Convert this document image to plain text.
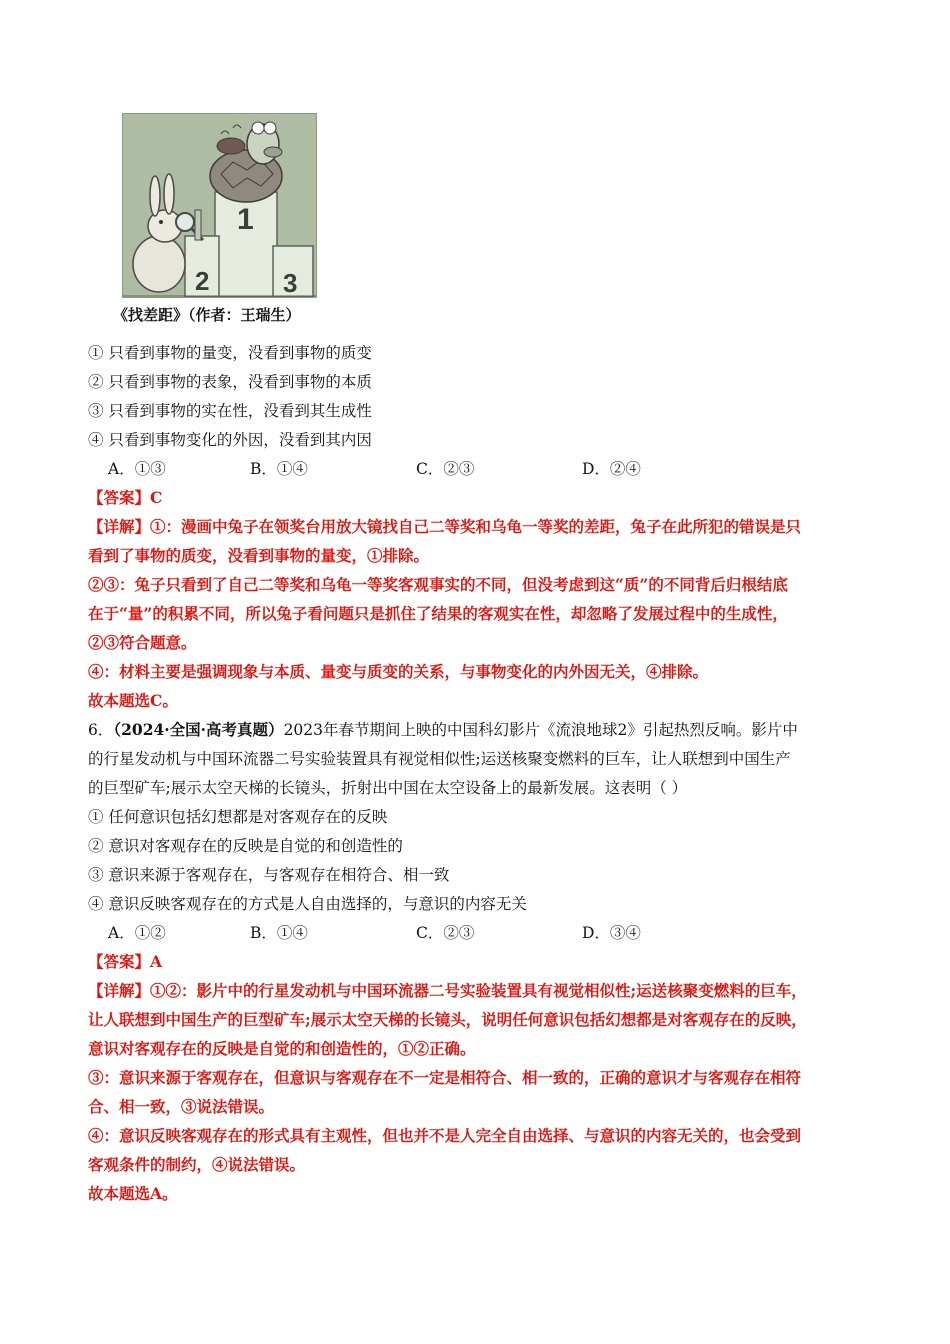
1
2	3
《找差距》（作者：王瑞生）
① 只看到事物的量变，没看到事物的质变
② 只看到事物的表象，没看到事物的本质
③ 只看到事物的实在性，没看到其生成性
④ 只看到事物变化的外因，没看到其内因
A．①③	B．①④	C．②③	D．②④
【答案】C
【详解】①：漫画中兔子在领奖台用放大镜找自己二等奖和乌龟一等奖的差距，兔子在此所犯的错误是只
看到了事物的质变，没看到事物的量变，①排除。
②③：兔子只看到了自己二等奖和乌龟一等奖客观事实的不同，但没考虑到这“质”的不同背后归根结底
在于“量”的积累不同，所以兔子看问题只是抓住了结果的客观实在性，却忽略了发展过程中的生成性，
②③符合题意。
④：材料主要是强调现象与本质、量变与质变的关系，与事物变化的内外因无关，④排除。
故本题选C。
6．（2024·全国·高考真题）2023年春节期间上映的中国科幻影片《流浪地球2》引起热烈反响。影片中
的行星发动机与中国环流器二号实验装置具有视觉相似性;运送核聚变燃料的巨车，让人联想到中国生产
的巨型矿车;展示太空天梯的长镜头，折射出中国在太空设备上的最新发展。这表明（ ）
① 任何意识包括幻想都是对客观存在的反映
② 意识对客观存在的反映是自觉的和创造性的
③ 意识来源于客观存在，与客观存在相符合、相一致
④ 意识反映客观存在的方式是人自由选择的，与意识的内容无关
A．①②	B．①④	C．②③	D．③④
【答案】A
【详解】①②：影片中的行星发动机与中国环流器二号实验装置具有视觉相似性;运送核聚变燃料的巨车，
让人联想到中国生产的巨型矿车;展示太空天梯的长镜头，说明任何意识包括幻想都是对客观存在的反映，
意识对客观存在的反映是自觉的和创造性的，①②正确。
③：意识来源于客观存在，但意识与客观存在不一定是相符合、相一致的，正确的意识才与客观存在相符
合、相一致，③说法错误。
④：意识反映客观存在的形式具有主观性，但也并不是人完全自由选择、与意识的内容无关的，也会受到
客观条件的制约，④说法错误。
故本题选A。
